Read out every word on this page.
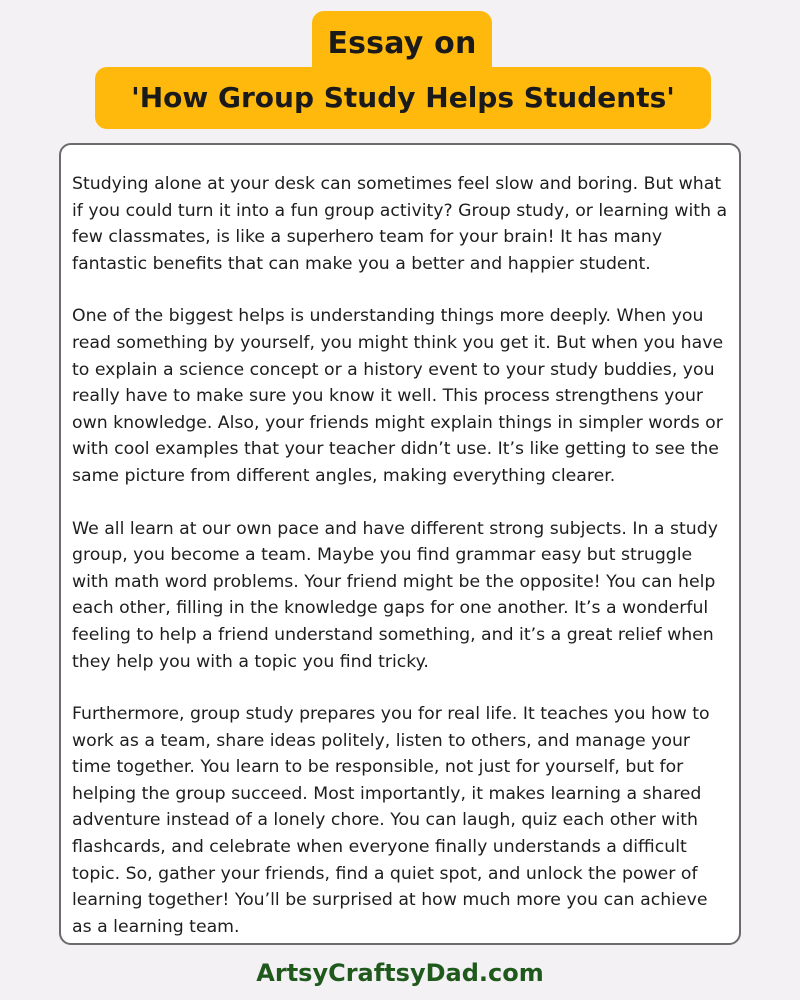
Essay on
'How Group Study Helps Students'

Studying alone at your desk can sometimes feel slow and boring. But what if you could turn it into a fun group activity? Group study, or learning with a few classmates, is like a superhero team for your brain! It has many fantastic benefits that can make you a better and happier student.

One of the biggest helps is understanding things more deeply. When you read something by yourself, you might think you get it. But when you have to explain a science concept or a history event to your study buddies, you really have to make sure you know it well. This process strengthens your own knowledge. Also, your friends might explain things in simpler words or with cool examples that your teacher didn’t use. It’s like getting to see the same picture from different angles, making everything clearer.

We all learn at our own pace and have different strong subjects. In a study group, you become a team. Maybe you find grammar easy but struggle with math word problems. Your friend might be the opposite! You can help each other, filling in the knowledge gaps for one another. It’s a wonderful feeling to help a friend understand something, and it’s a great relief when they help you with a topic you find tricky.

Furthermore, group study prepares you for real life. It teaches you how to work as a team, share ideas politely, listen to others, and manage your time together. You learn to be responsible, not just for yourself, but for helping the group succeed. Most importantly, it makes learning a shared adventure instead of a lonely chore. You can laugh, quiz each other with flashcards, and celebrate when everyone finally understands a difficult topic. So, gather your friends, find a quiet spot, and unlock the power of learning together! You’ll be surprised at how much more you can achieve as a learning team.

ArtsyCraftsyDad.com
